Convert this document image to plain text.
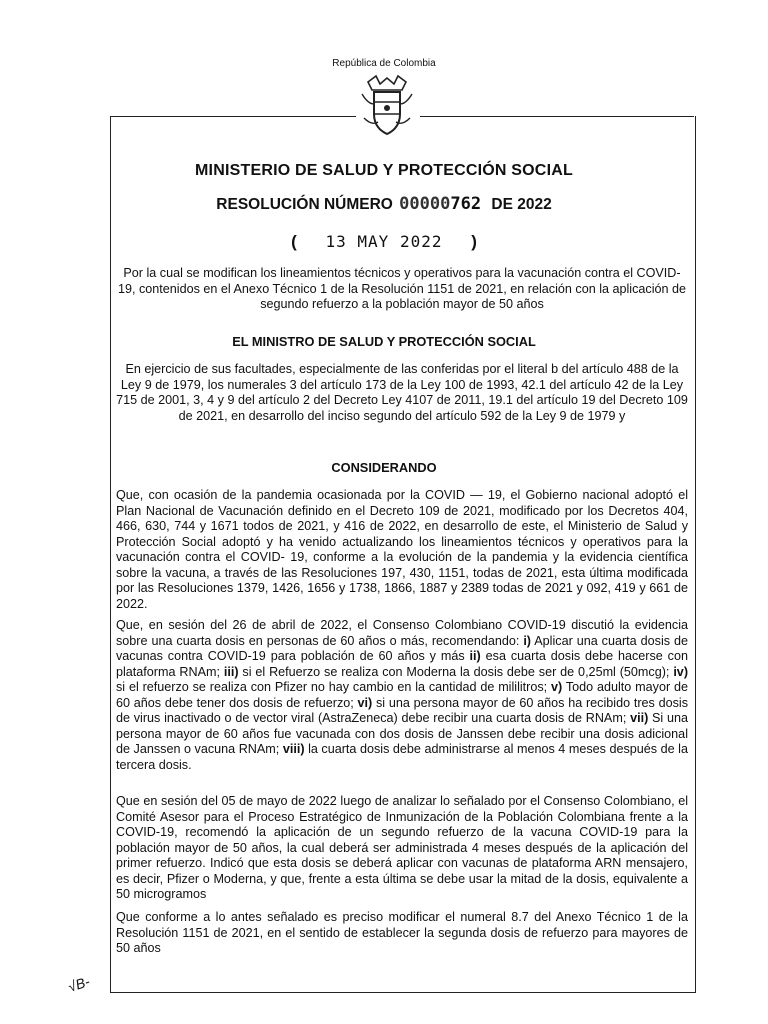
República de Colombia
MINISTERIO DE SALUD Y PROTECCIÓN SOCIAL
RESOLUCIÓN NÚMERO 00000762 DE 2022
( 13 MAY 2022 )
Por la cual se modifican los lineamientos técnicos y operativos para la vacunación contra el COVID-19, contenidos en el Anexo Técnico 1 de la Resolución 1151 de 2021, en relación con la aplicación de segundo refuerzo a la población mayor de 50 años
EL MINISTRO DE SALUD Y PROTECCIÓN SOCIAL
En ejercicio de sus facultades, especialmente de las conferidas por el literal b del artículo 488 de la Ley 9 de 1979, los numerales 3 del artículo 173 de la Ley 100 de 1993, 42.1 del artículo 42 de la Ley 715 de 2001, 3, 4 y 9 del artículo 2 del Decreto Ley 4107 de 2011, 19.1 del artículo 19 del Decreto 109 de 2021, en desarrollo del inciso segundo del artículo 592 de la Ley 9 de 1979 y
CONSIDERANDO
Que, con ocasión de la pandemia ocasionada por la COVID — 19, el Gobierno nacional adoptó el Plan Nacional de Vacunación definido en el Decreto 109 de 2021, modificado por los Decretos 404, 466, 630, 744 y 1671 todos de 2021, y 416 de 2022, en desarrollo de este, el Ministerio de Salud y Protección Social adoptó y ha venido actualizando los lineamientos técnicos y operativos para la vacunación contra el COVID- 19, conforme a la evolución de la pandemia y la evidencia científica sobre la vacuna, a través de las Resoluciones 197, 430, 1151, todas de 2021, esta última modificada por las Resoluciones 1379, 1426, 1656 y 1738, 1866, 1887 y 2389 todas de 2021 y 092, 419 y 661 de 2022.
Que, en sesión del 26 de abril de 2022, el Consenso Colombiano COVID-19 discutió la evidencia sobre una cuarta dosis en personas de 60 años o más, recomendando: i) Aplicar una cuarta dosis de vacunas contra COVID-19 para población de 60 años y más ii) esa cuarta dosis debe hacerse con plataforma RNAm; iii) si el Refuerzo se realiza con Moderna la dosis debe ser de 0,25ml (50mcg); iv) si el refuerzo se realiza con Pfizer no hay cambio en la cantidad de mililitros; v) Todo adulto mayor de 60 años debe tener dos dosis de refuerzo; vi) si una persona mayor de 60 años ha recibido tres dosis de virus inactivado o de vector viral (AstraZeneca) debe recibir una cuarta dosis de RNAm; vii) Si una persona mayor de 60 años fue vacunada con dos dosis de Janssen debe recibir una dosis adicional de Janssen o vacuna RNAm; viii) la cuarta dosis debe administrarse al menos 4 meses después de la tercera dosis.
Que en sesión del 05 de mayo de 2022 luego de analizar lo señalado por el Consenso Colombiano, el Comité Asesor para el Proceso Estratégico de Inmunización de la Población Colombiana frente a la COVID-19, recomendó la aplicación de un segundo refuerzo de la vacuna COVID-19 para la población mayor de 50 años, la cual deberá ser administrada 4 meses después de la aplicación del primer refuerzo. Indicó que esta dosis se deberá aplicar con vacunas de plataforma ARN mensajero, es decir, Pfizer o Moderna, y que, frente a esta última se debe usar la mitad de la dosis, equivalente a 50 microgramos
Que conforme a lo antes señalado es preciso modificar el numeral 8.7 del Anexo Técnico 1 de la Resolución 1151 de 2021, en el sentido de establecer la segunda dosis de refuerzo para mayores de 50 años
√B-
